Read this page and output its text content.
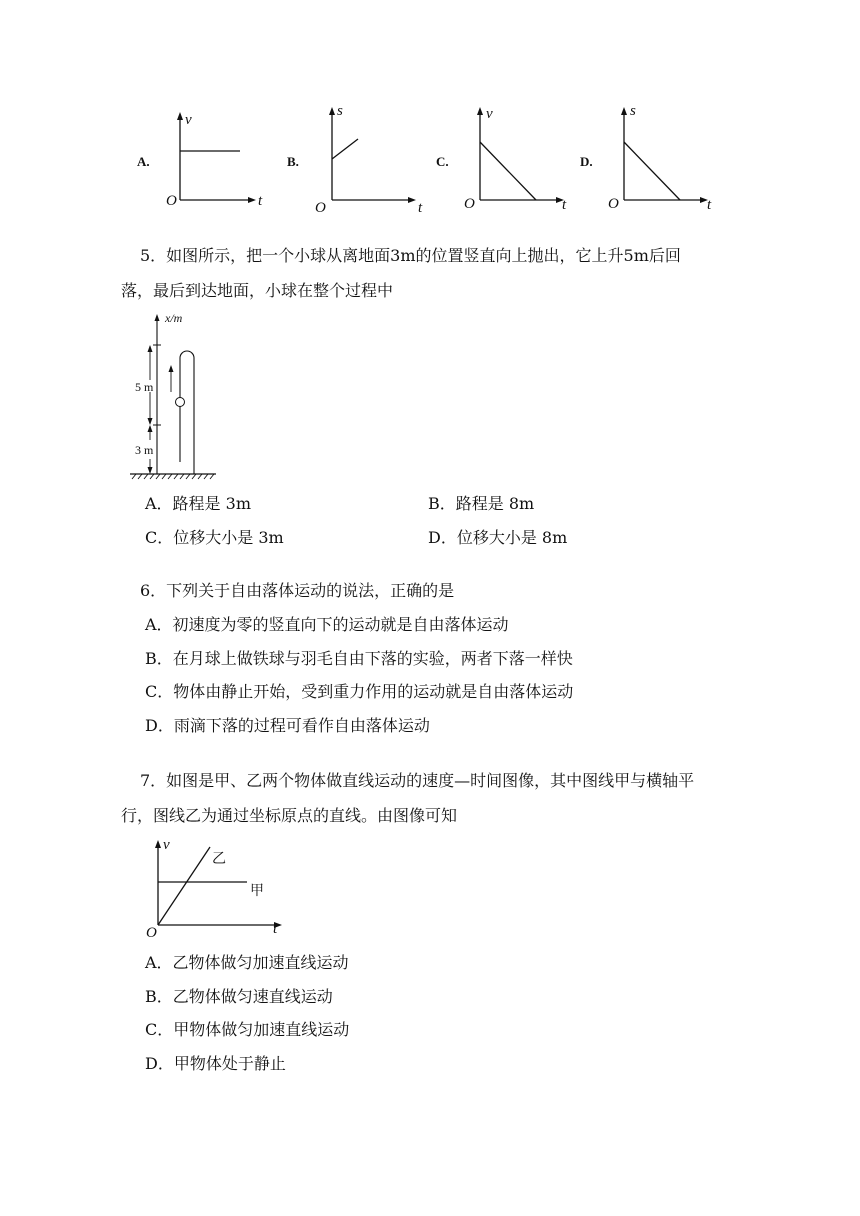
A.
v
t
O
B.
s
t
O
C.
v
t
O
D.
s
t
O
5．如图所示，把一个小球从离地面3m的位置竖直向上抛出，它上升5m后回
落，最后到达地面，小球在整个过程中
x/m
5 m
3 m
A．路程是 3m	B．路程是 8m
C．位移大小是 3m	D．位移大小是 8m
6．下列关于自由落体运动的说法，正确的是
A．初速度为零的竖直向下的运动就是自由落体运动
B．在月球上做铁球与羽毛自由下落的实验，两者下落一样快
C．物体由静止开始，受到重力作用的运动就是自由落体运动
D．雨滴下落的过程可看作自由落体运动
7．如图是甲、乙两个物体做直线运动的速度—时间图像，其中图线甲与横轴平
行，图线乙为通过坐标原点的直线。由图像可知
v
t
O
乙
甲
A．乙物体做匀加速直线运动
B．乙物体做匀速直线运动
C．甲物体做匀加速直线运动
D．甲物体处于静止
